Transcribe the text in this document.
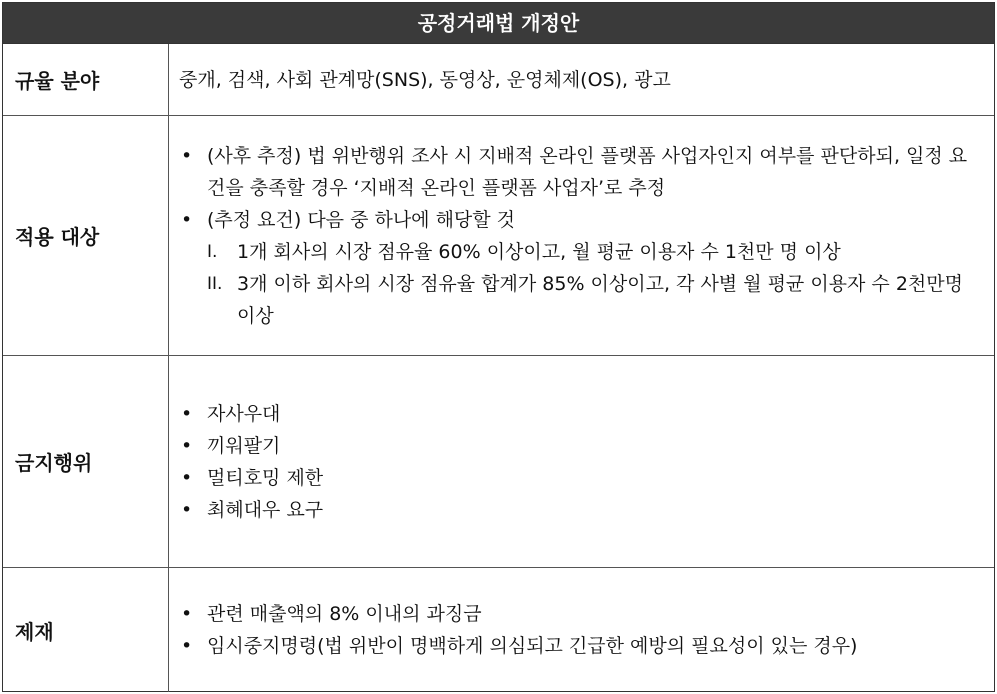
공정거래법 개정안
규율 분야	중개, 검색, 사회 관계망(SNS), 동영상, 운영체제(OS), 광고
적용 대상
• (사후 추정) 법 위반행위 조사 시 지배적 온라인 플랫폼 사업자인지 여부를 판단하되, 일정 요건을 충족할 경우 ‘지배적 온라인 플랫폼 사업자’로 추정
• (추정 요건) 다음 중 하나에 해당할 것
I.	1개 회사의 시장 점유율 60% 이상이고, 월 평균 이용자 수 1천만 명 이상
II. 3개 이하 회사의 시장 점유율 합계가 85% 이상이고, 각 사별 월 평균 이용자 수 2천만명 이상
금지행위
• 자사우대
• 끼워팔기
• 멀티호밍 제한
• 최혜대우 요구
제재
• 관련 매출액의 8% 이내의 과징금
• 임시중지명령(법 위반이 명백하게 의심되고 긴급한 예방의 필요성이 있는 경우)
